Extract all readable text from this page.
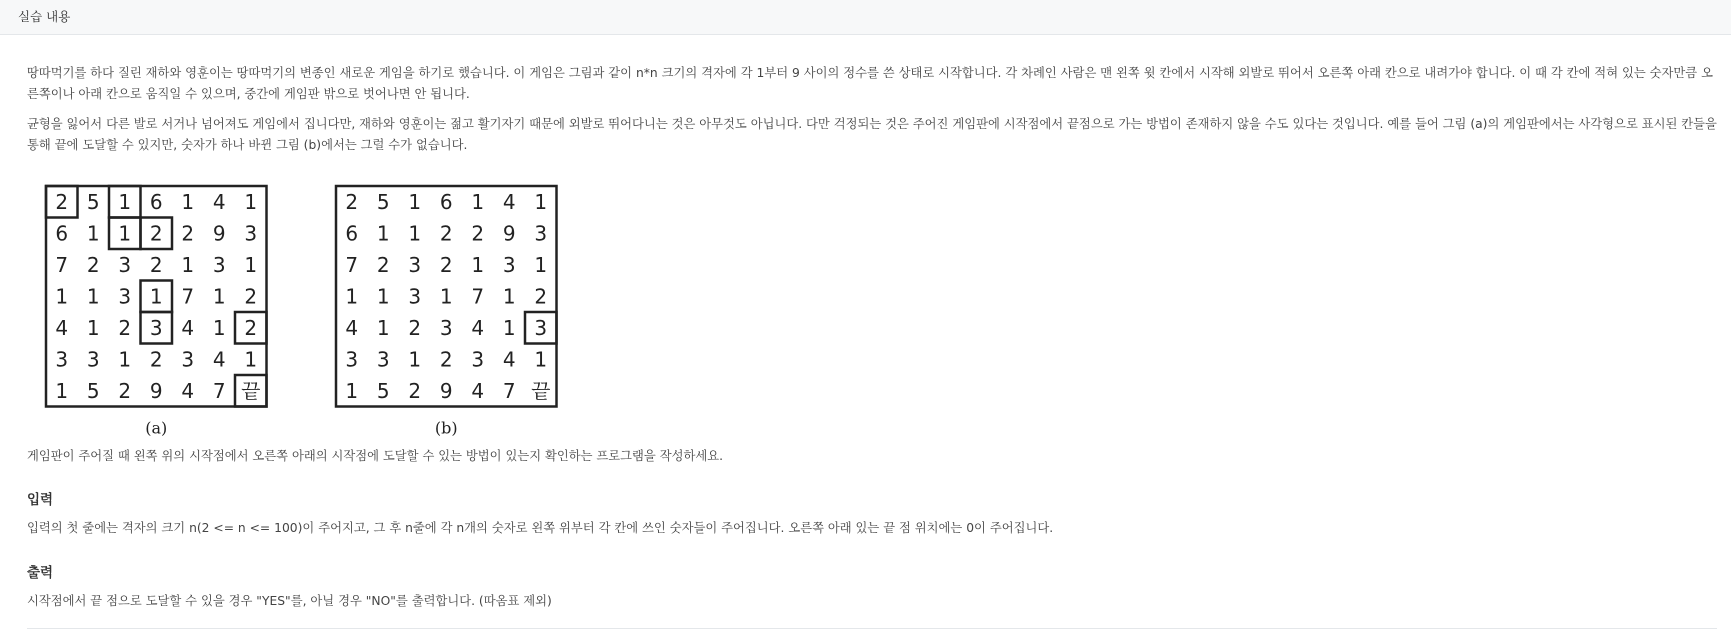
실습 내용
땅따먹기를 하다 질린 재하와 영훈이는 땅따먹기의 변종인 새로운 게임을 하기로 했습니다. 이 게임은 그림과 같이 n*n 크기의 격자에 각 1부터 9 사이의 정수를 쓴 상태로 시작합니다. 각 차례인 사람은 맨 왼쪽 윗 칸에서 시작해 외발로 뛰어서 오른쪽 아래 칸으로 내려가야 합니다. 이 때 각 칸에 적혀 있는 숫자만큼 오른쪽이나 아래 칸으로 움직일 수 있으며, 중간에 게임판 밖으로 벗어나면 안 됩니다.
균형을 잃어서 다른 발로 서거나 넘어져도 게임에서 집니다만, 재하와 영훈이는 젊고 활기자기 때문에 외발로 뛰어다니는 것은 아무것도 아닙니다. 다만 걱정되는 것은 주어진 게임판에 시작점에서 끝점으로 가는 방법이 존재하지 않을 수도 있다는 것입니다. 예를 들어 그림 (a)의 게임판에서는 사각형으로 표시된 칸들을 통해 끝에 도달할 수 있지만, 숫자가 하나 바뀐 그림 (b)에서는 그럴 수가 없습니다.
2 5 1 6 1 4 1
6 1 1 2 2 9 3
7 2 3 2 1 3 1
1 1 3 1 7 1 2
4 1 2 3 4 1 2
3 3 1 2 3 4 1
1 5 2 9 4 7 끝
(a)
2 5 1 6 1 4 1
6 1 1 2 2 9 3
7 2 3 2 1 3 1
1 1 3 1 7 1 2
4 1 2 3 4 1 3
3 3 1 2 3 4 1
1 5 2 9 4 7 끝
(b)
게임판이 주어질 때 왼쪽 위의 시작점에서 오른쪽 아래의 시작점에 도달할 수 있는 방법이 있는지 확인하는 프로그램을 작성하세요.
입력
입력의 첫 줄에는 격자의 크기 n(2 <= n <= 100)이 주어지고, 그 후 n줄에 각 n개의 숫자로 왼쪽 위부터 각 칸에 쓰인 숫자들이 주어집니다. 오른쪽 아래 있는 끝 점 위치에는 0이 주어집니다.
출력
시작점에서 끝 점으로 도달할 수 있을 경우 "YES"를, 아닐 경우 "NO"를 출력합니다. (따옴표 제외)
